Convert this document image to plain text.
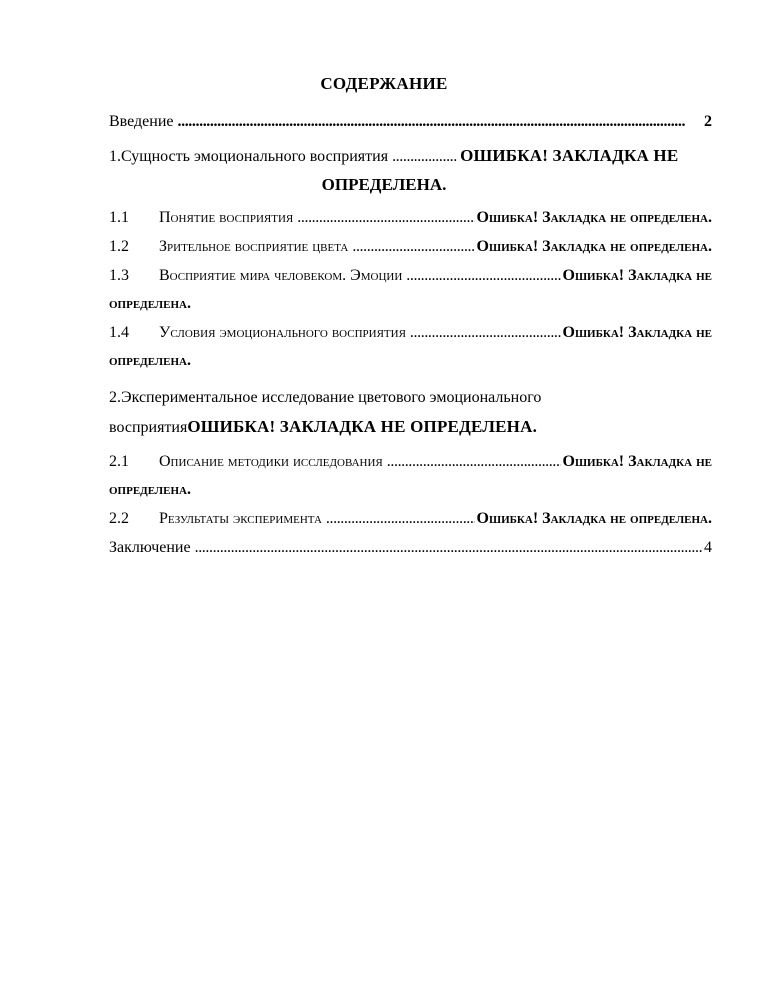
СОДЕРЖАНИЕ
Введение . . .	2
1.Сущность эмоционального восприятия . . .	ОШИБКА! ЗАКЛАДКА НЕ
ОПРЕДЕЛЕНА.
1.1	Понятие восприятия . . .	Ошибка! Закладка не определена.
1.2	Зрительное восприятие цвета . . .	Ошибка! Закладка не определена.
1.3	Восприятие мира человеком. Эмоции . . .	Ошибка! Закладка не
определена.
1.4	Условия эмоционального восприятия . . .	Ошибка! Закладка не
определена.
2.Экспериментальное исследование цветового эмоционального
восприятияОШИБКА! ЗАКЛАДКА НЕ ОПРЕДЕЛЕНА.
2.1	Описание методики исследования . . .	Ошибка! Закладка не
определена.
2.2	Результаты эксперимента . . .	Ошибка! Закладка не определена.
Заключение . . .	4
